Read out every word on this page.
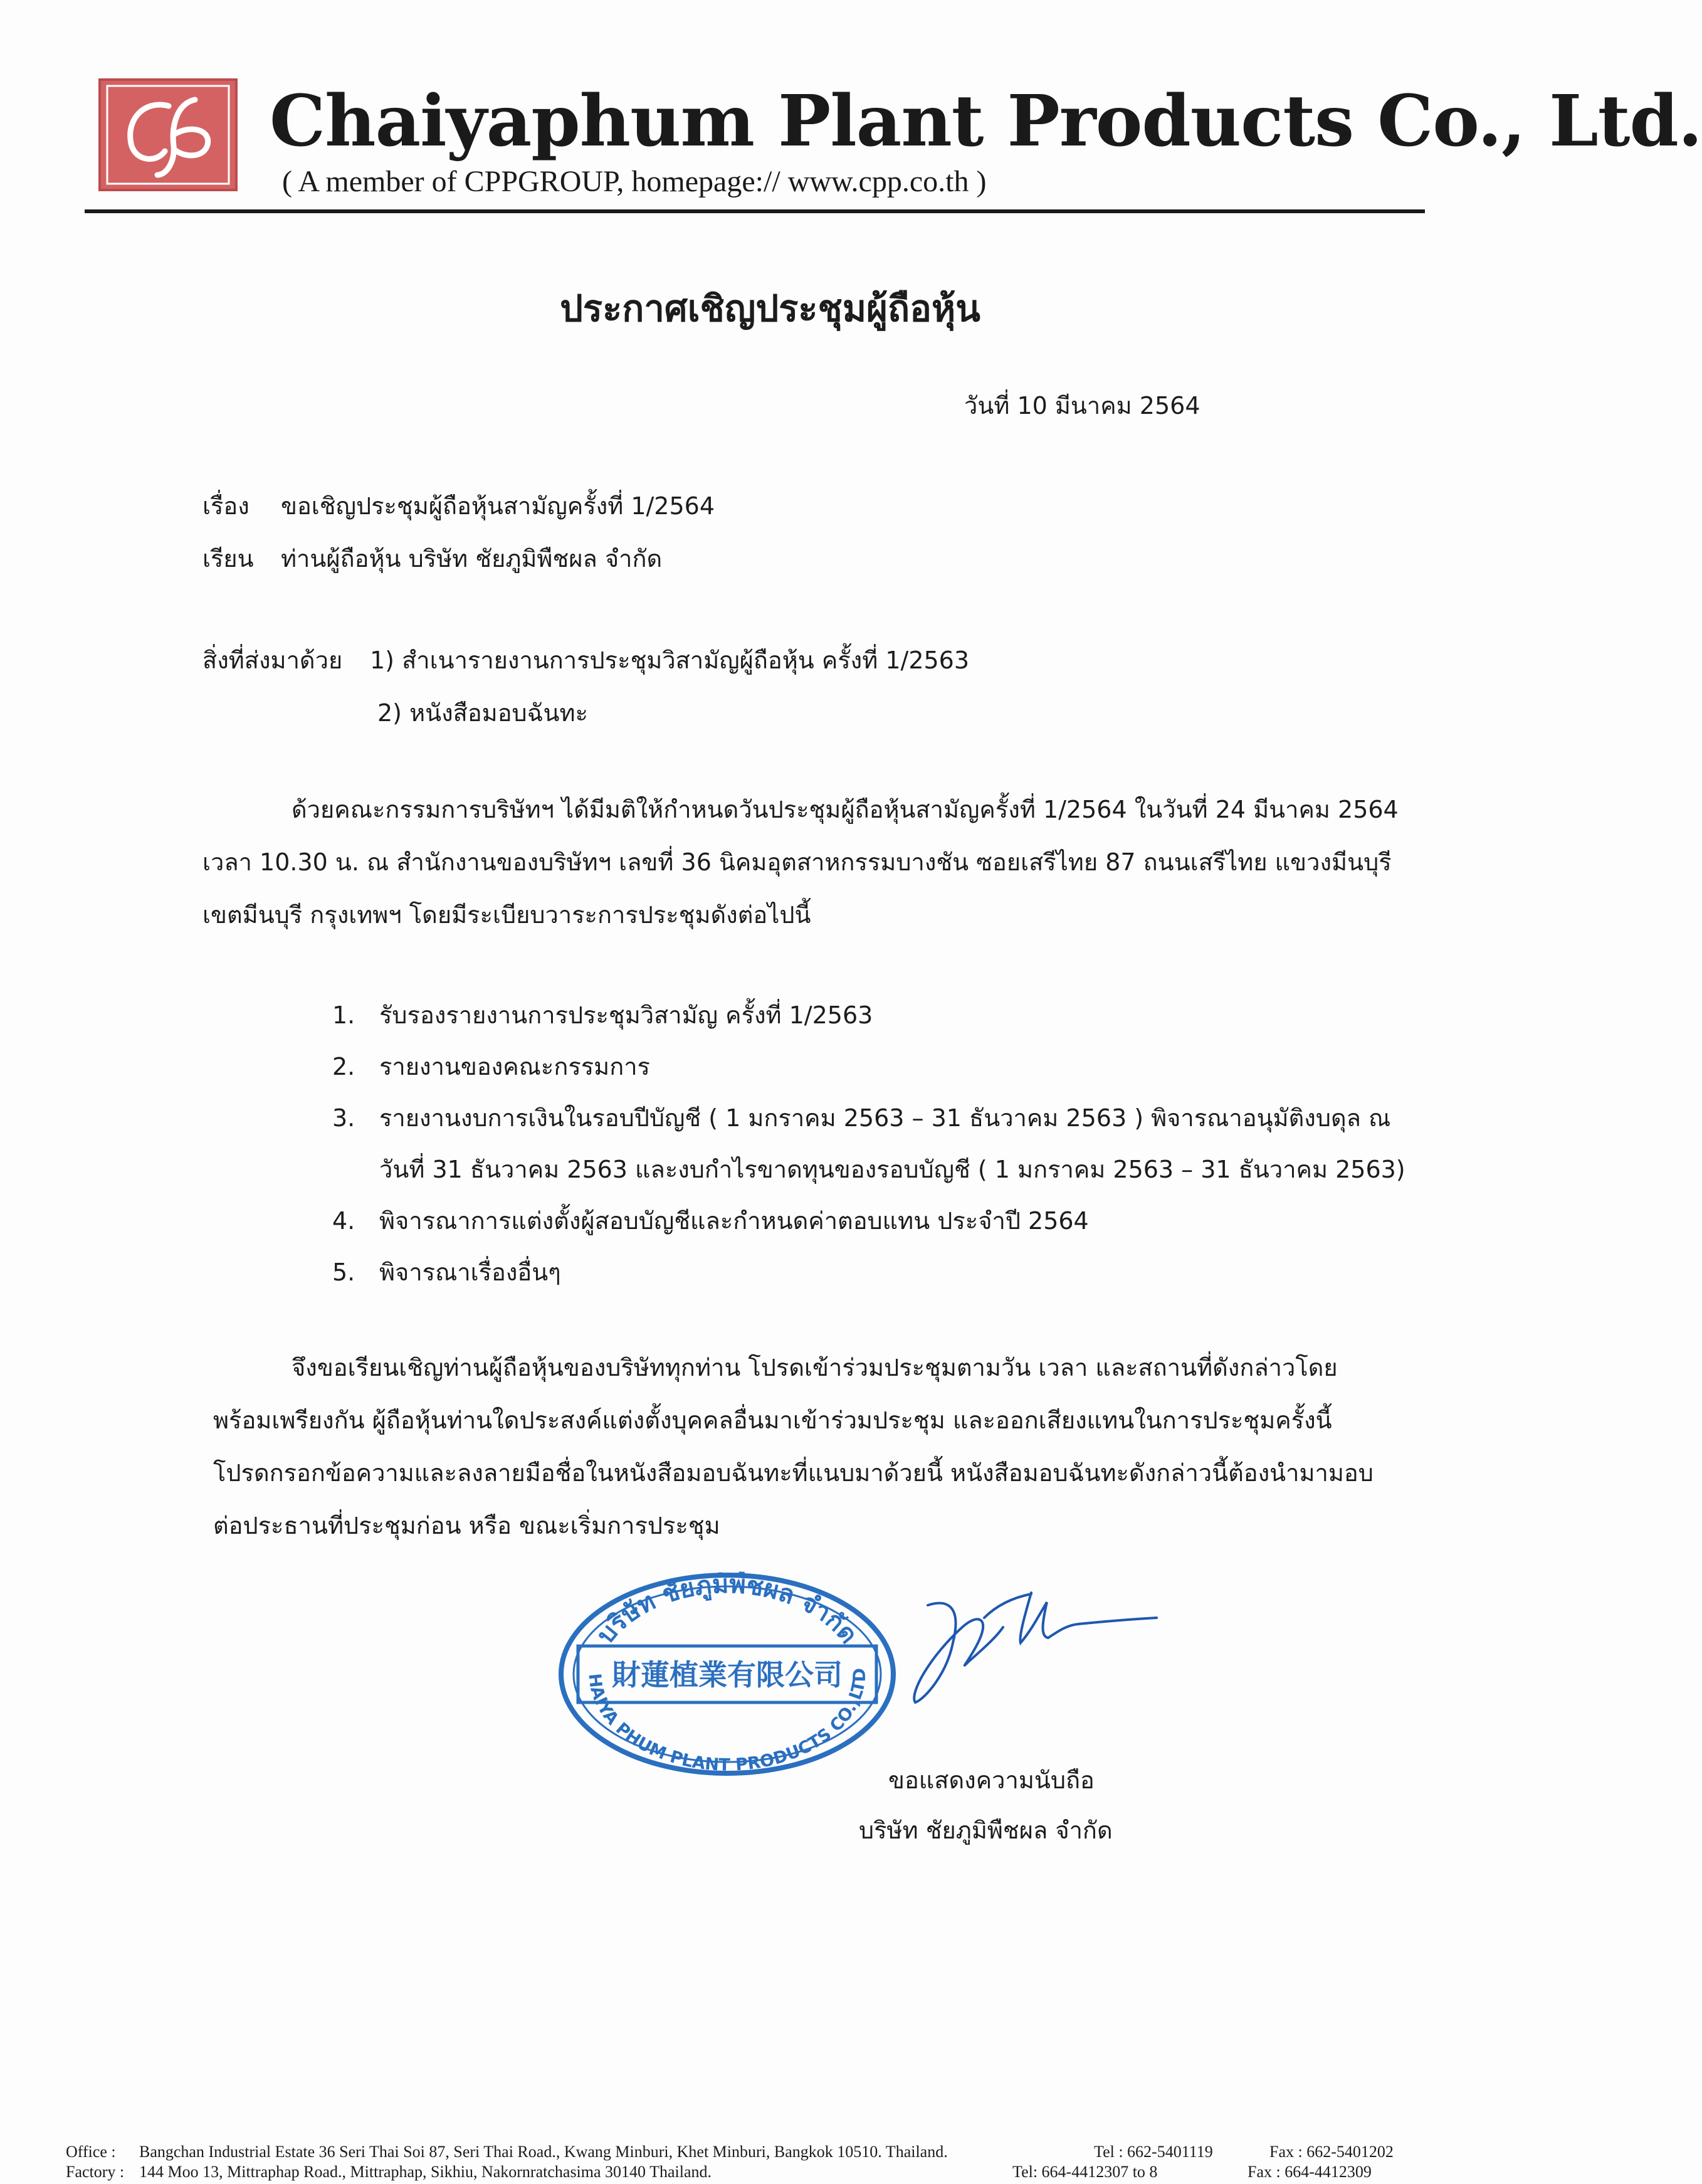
Chaiyaphum Plant Products Co., Ltd.
( A member of CPPGROUP, homepage:// www.cpp.co.th )
ประกาศเชิญประชุมผู้ถือหุ้น
วันที่ 10 มีนาคม 2564
เรื่อง ขอเชิญประชุมผู้ถือหุ้นสามัญครั้งที่ 1/2564
เรียน ท่านผู้ถือหุ้น บริษัท ชัยภูมิพืชผล จำกัด
สิ่งที่ส่งมาด้วย 1) สำเนารายงานการประชุมวิสามัญผู้ถือหุ้น ครั้งที่ 1/2563
2) หนังสือมอบฉันทะ
ด้วยคณะกรรมการบริษัทฯ ได้มีมติให้กำหนดวันประชุมผู้ถือหุ้นสามัญครั้งที่ 1/2564 ในวันที่ 24 มีนาคม 2564
เวลา 10.30 น. ณ สำนักงานของบริษัทฯ เลขที่ 36 นิคมอุตสาหกรรมบางชัน ซอยเสรีไทย 87 ถนนเสรีไทย แขวงมีนบุรี
เขตมีนบุรี กรุงเทพฯ โดยมีระเบียบวาระการประชุมดังต่อไปนี้
1. รับรองรายงานการประชุมวิสามัญ ครั้งที่ 1/2563
2. รายงานของคณะกรรมการ
3. รายงานงบการเงินในรอบปีบัญชี ( 1 มกราคม 2563 – 31 ธันวาคม 2563 ) พิจารณาอนุมัติงบดุล ณ
วันที่ 31 ธันวาคม 2563 และงบกำไรขาดทุนของรอบบัญชี ( 1 มกราคม 2563 – 31 ธันวาคม 2563)
4. พิจารณาการแต่งตั้งผู้สอบบัญชีและกำหนดค่าตอบแทน ประจำปี 2564
5. พิจารณาเรื่องอื่นๆ
จึงขอเรียนเชิญท่านผู้ถือหุ้นของบริษัททุกท่าน โปรดเข้าร่วมประชุมตามวัน เวลา และสถานที่ดังกล่าวโดย
พร้อมเพรียงกัน ผู้ถือหุ้นท่านใดประสงค์แต่งตั้งบุคคลอื่นมาเข้าร่วมประชุม และออกเสียงแทนในการประชุมครั้งนี้
โปรดกรอกข้อความและลงลายมือชื่อในหนังสือมอบฉันทะที่แนบมาด้วยนี้ หนังสือมอบฉันทะดังกล่าวนี้ต้องนำมามอบ
ต่อประธานที่ประชุมก่อน หรือ ขณะเริ่มการประชุม
บริษัท ชัยภูมิพืชผล จำกัด
財蓮植業有限公司
HAIYA PHUM PLANT PRODUCTS CO.,LTD
ขอแสดงความนับถือ
บริษัท ชัยภูมิพืชผล จำกัด
Office : Bangchan Industrial Estate 36 Seri Thai Soi 87, Seri Thai Road., Kwang Minburi, Khet Minburi, Bangkok 10510. Thailand.	Tel : 662-5401119	Fax : 662-5401202
Factory : 144 Moo 13, Mittraphap Road., Mittraphap, Sikhiu, Nakornratchasima 30140 Thailand.	Tel: 664-4412307 to 8	Fax : 664-4412309
